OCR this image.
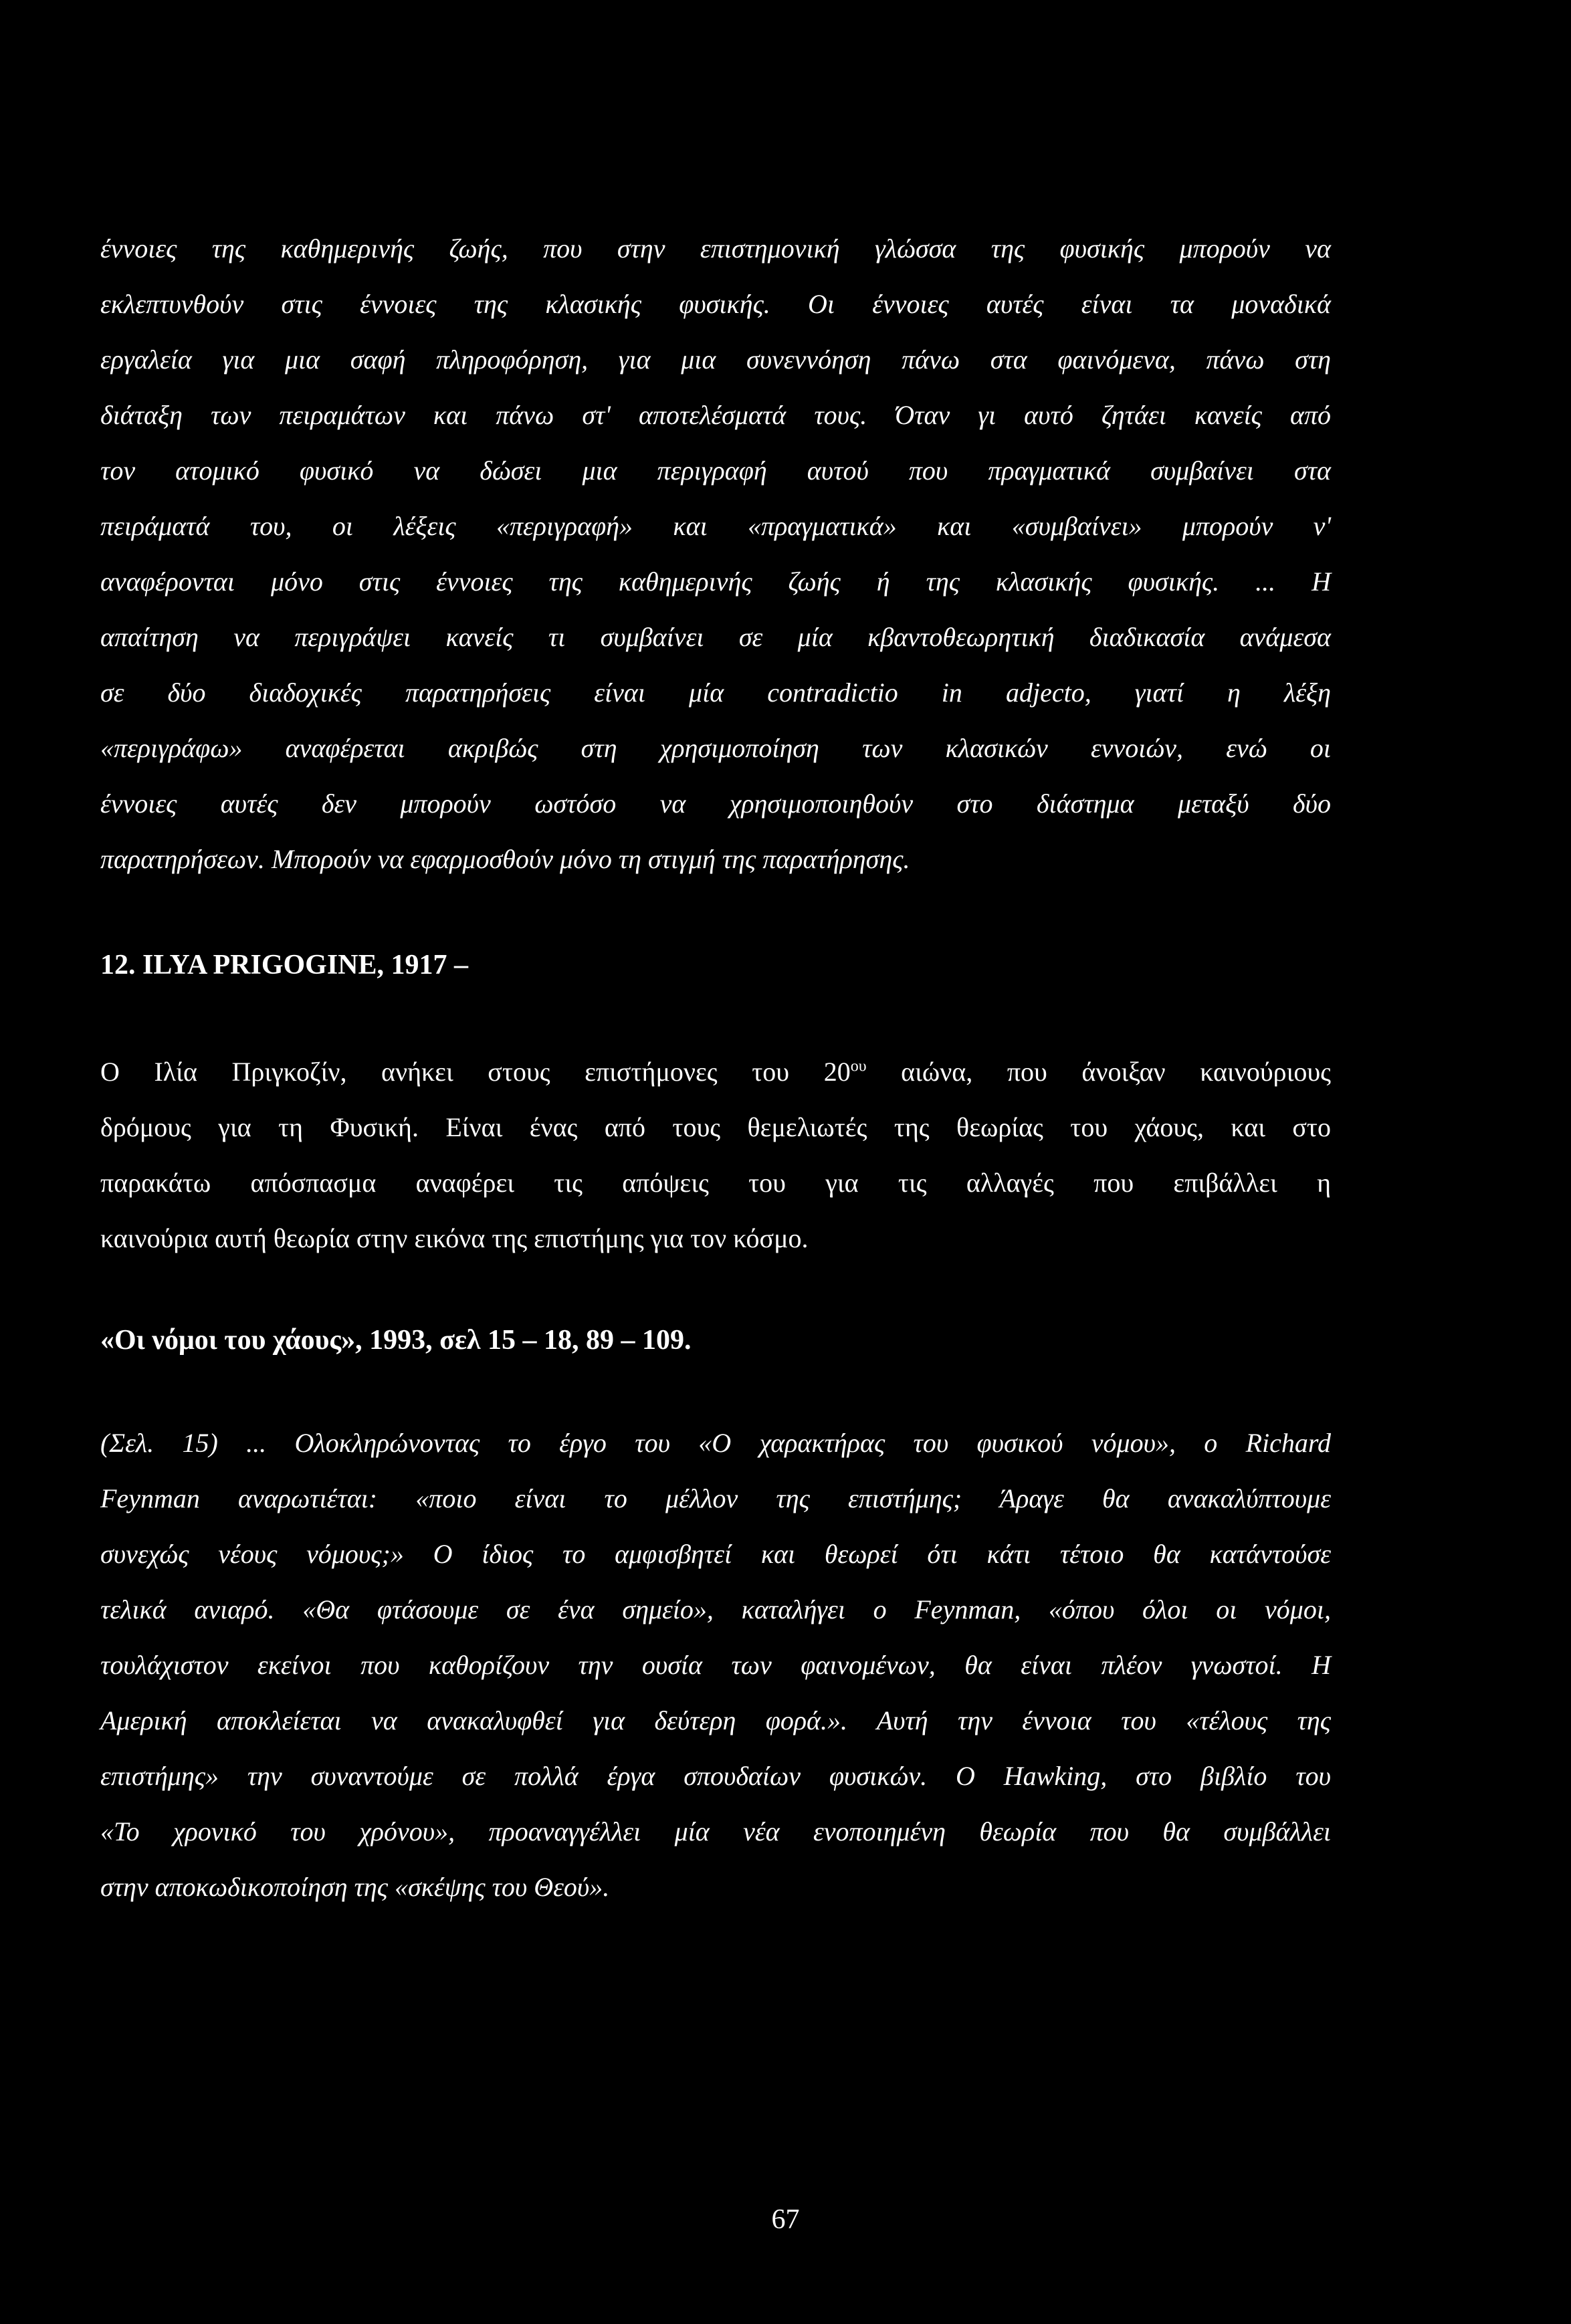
έννοιες της καθημερινής ζωής, που στην επιστημονική γλώσσα της φυσικής μπορούν να
εκλεπτυνθούν στις έννοιες της κλασικής φυσικής. Οι έννοιες αυτές είναι τα μοναδικά
εργαλεία για μια σαφή πληροφόρηση, για μια συνεννόηση πάνω στα φαινόμενα, πάνω στη
διάταξη των πειραμάτων και πάνω στ' αποτελέσματά τους. Όταν γι αυτό ζητάει κανείς από
τον ατομικό φυσικό να δώσει μια περιγραφή αυτού που πραγματικά συμβαίνει στα
πειράματά του, οι λέξεις «περιγραφή» και «πραγματικά» και «συμβαίνει» μπορούν ν'
αναφέρονται μόνο στις έννοιες της καθημερινής ζωής ή της κλασικής φυσικής. ... Η
απαίτηση να περιγράψει κανείς τι συμβαίνει σε μία κβαντοθεωρητική διαδικασία ανάμεσα
σε δύο διαδοχικές παρατηρήσεις είναι μία contradictio in adjecto, γιατί η λέξη
«περιγράφω» αναφέρεται ακριβώς στη χρησιμοποίηση των κλασικών εννοιών, ενώ οι
έννοιες αυτές δεν μπορούν ωστόσο να χρησιμοποιηθούν στο διάστημα μεταξύ δύο
παρατηρήσεων. Μπορούν να εφαρμοσθούν μόνο τη στιγμή της παρατήρησης.

12. ILYA PRIGOGINE, 1917 –

Ο Ιλία Πριγκοζίν, ανήκει στους επιστήμονες του $20^{o\upsilon}$ αιώνα, που άνοιξαν καινούριους
δρόμους για τη Φυσική. Είναι ένας από τους θεμελιωτές της θεωρίας του χάους, και στο
παρακάτω απόσπασμα αναφέρει τις απόψεις του για τις αλλαγές που επιβάλλει η
καινούρια αυτή θεωρία στην εικόνα της επιστήμης για τον κόσμο.

«Οι νόμοι του χάους», 1993, σελ 15 – 18, 89 – 109.

(Σελ. 15) ... Ολοκληρώνοντας το έργο του «Ο χαρακτήρας του φυσικού νόμου», ο Richard
Feynman αναρωτιέται: «ποιο είναι το μέλλον της επιστήμης; Άραγε θα ανακαλύπτουμε
συνεχώς νέους νόμους;» Ο ίδιος το αμφισβητεί και θεωρεί ότι κάτι τέτοιο θα κατάντούσε
τελικά ανιαρό. «Θα φτάσουμε σε ένα σημείο», καταλήγει ο Feynman, «όπου όλοι οι νόμοι,
τουλάχιστον εκείνοι που καθορίζουν την ουσία των φαινομένων, θα είναι πλέον γνωστοί. Η
Αμερική αποκλείεται να ανακαλυφθεί για δεύτερη φορά.». Αυτή την έννοια του «τέλους της
επιστήμης» την συναντούμε σε πολλά έργα σπουδαίων φυσικών. Ο Hawking, στο βιβλίο του
«Το χρονικό του χρόνου», προαναγγέλλει μία νέα ενοποιημένη θεωρία που θα συμβάλλει
στην αποκωδικοποίηση της «σκέψης του Θεού».
67
